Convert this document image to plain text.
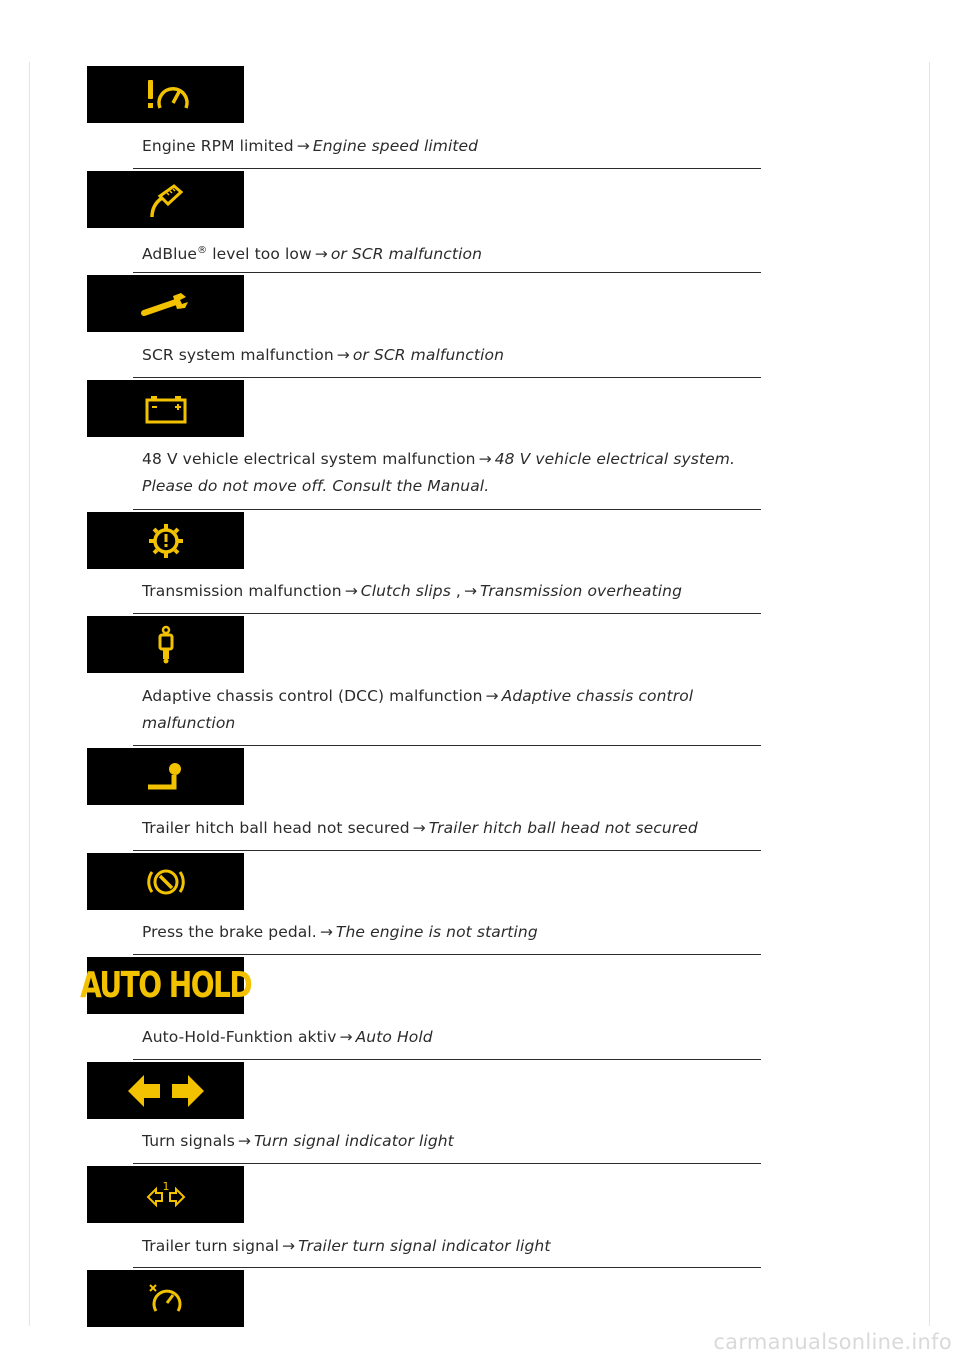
Engine RPM limited → Engine speed limited
AdBlue® level too low → or SCR malfunction
SCR system malfunction → or SCR malfunction
48 V vehicle electrical system malfunction → 48 V vehicle electrical system. Please do not move off. Consult the Manual.
Transmission malfunction → Clutch slips , → Transmission overheating
Adaptive chassis control (DCC) malfunction → Adaptive chassis control malfunction
Trailer hitch ball head not secured → Trailer hitch ball head not secured
Press the brake pedal. → The engine is not starting
AUTO HOLD
Auto-Hold-Funktion aktiv → Auto Hold
Turn signals → Turn signal indicator light
1
Trailer turn signal → Trailer turn signal indicator light
carmanualsonline.info
